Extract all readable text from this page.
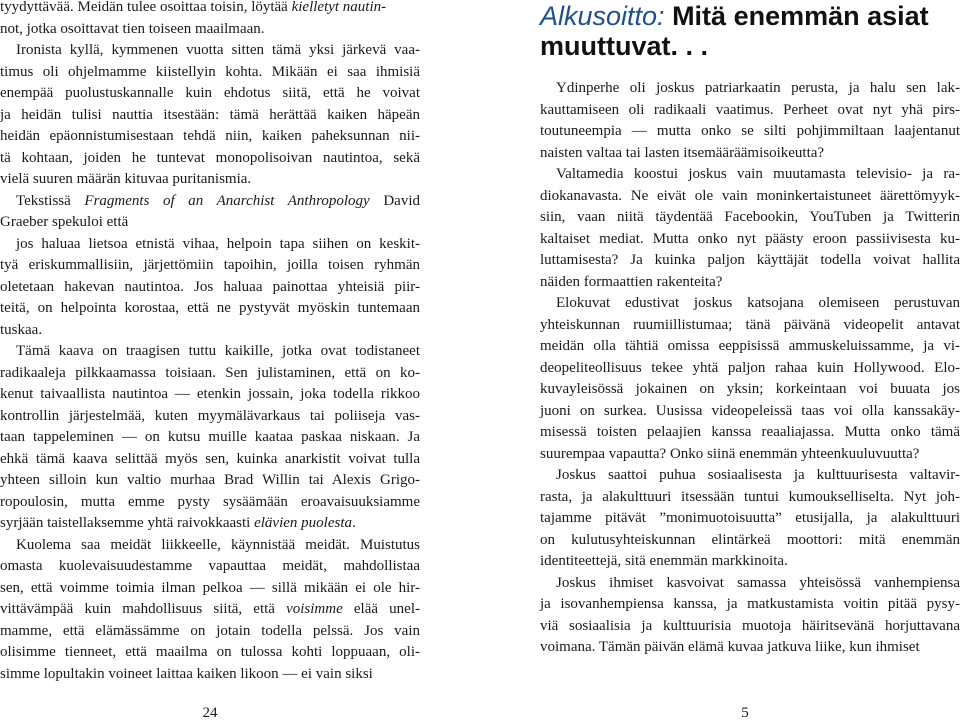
tyydyttävää. Meidän tulee osoittaa toisin, löytää kielletyt nautin-
not, jotka osoittavat tien toiseen maailmaan.
Ironista kyllä, kymmenen vuotta sitten tämä yksi järkevä vaa-
timus oli ohjelmamme kiistellyin kohta. Mikään ei saa ihmisiä
enempää puolustuskannalle kuin ehdotus siitä, että he voivat
ja heidän tulisi nauttia itsestään: tämä herättää kaiken häpeän
heidän epäonnistumisestaan tehdä niin, kaiken paheksunnan nii-
tä kohtaan, joiden he tuntevat monopolisoivan nautintoa, sekä
vielä suuren määrän kituvaa puritanismia.
Tekstissä Fragments of an Anarchist Anthropology David
Graeber spekuloi että
jos haluaa lietsoa etnistä vihaa, helpoin tapa siihen on keskit-
tyä eriskummallisiin, järjettömiin tapoihin, joilla toisen ryhmän
oletetaan hakevan nautintoa. Jos haluaa painottaa yhteisiä piir-
teitä, on helpointa korostaa, että ne pystyvät myöskin tuntemaan
tuskaa.
Tämä kaava on traagisen tuttu kaikille, jotka ovat todistaneet
radikaaleja pilkkaamassa toisiaan. Sen julistaminen, että on ko-
kenut taivaallista nautintoa — etenkin jossain, joka todella rikkoo
kontrollin järjestelmää, kuten myymälävarkaus tai poliiseja vas-
taan tappeleminen — on kutsu muille kaataa paskaa niskaan. Ja
ehkä tämä kaava selittää myös sen, kuinka anarkistit voivat tulla
yhteen silloin kun valtio murhaa Brad Willin tai Alexis Grigo-
ropoulosin, mutta emme pysty sysäämään eroavaisuuksiamme
syrjään taistellaksemme yhtä raivokkaasti elävien puolesta.
Kuolema saa meidät liikkeelle, käynnistää meidät. Muistutus
omasta kuolevaisuudestamme vapauttaa meidät, mahdollistaa
sen, että voimme toimia ilman pelkoa — sillä mikään ei ole hir-
vittävämpää kuin mahdollisuus siitä, että voisimme elää unel-
mamme, että elämässämme on jotain todella pelssä. Jos vain
olisimme tienneet, että maailma on tulossa kohti loppuaan, oli-
simme lopultakin voineet laittaa kaiken likoon — ei vain siksi
Alkusoitto: Mitä enemmän asiat
muuttuvat. . .
Ydinperhe oli joskus patriarkaatin perusta, ja halu sen lak-
kauttamiseen oli radikaali vaatimus. Perheet ovat nyt yhä pirs-
toutuneempia — mutta onko se silti pohjimmiltaan laajentanut
naisten valtaa tai lasten itsemääräämisoikeutta?
Valtamedia koostui joskus vain muutamasta televisio- ja ra-
diokanavasta. Ne eivät ole vain moninkertaistuneet äärettömyyk-
siin, vaan niitä täydentää Facebookin, YouTuben ja Twitterin
kaltaiset mediat. Mutta onko nyt päästy eroon passiivisesta ku-
luttamisesta? Ja kuinka paljon käyttäjät todella voivat hallita
näiden formaattien rakenteita?
Elokuvat edustivat joskus katsojana olemiseen perustuvan
yhteiskunnan ruumiillistumaa; tänä päivänä videopelit antavat
meidän olla tähtiä omissa eeppisissä ammuskeluissamme, ja vi-
deopeliteollisuus tekee yhtä paljon rahaa kuin Hollywood. Elo-
kuvayleisössä jokainen on yksin; korkeintaan voi buuata jos
juoni on surkea. Uusissa videopeleissä taas voi olla kanssakäy-
misessä toisten pelaajien kanssa reaaliajassa. Mutta onko tämä
suurempaa vapautta? Onko siinä enemmän yhteenkuuluvuutta?
Joskus saattoi puhua sosiaalisesta ja kulttuurisesta valtavir-
rasta, ja alakulttuuri itsessään tuntui kumoukselliselta. Nyt joh-
tajamme pitävät ”monimuotoisuutta” etusijalla, ja alakulttuuri
on kulutusyhteiskunnan elintärkeä moottori: mitä enemmän
identiteettejä, sitä enemmän markkinoita.
Joskus ihmiset kasvoivat samassa yhteisössä vanhempiensa
ja isovanhempiensa kanssa, ja matkustamista voitin pitää pysy-
viä sosiaalisia ja kulttuurisia muotoja häiritsevänä horjuttavana
voimana. Tämän päivän elämä kuvaa jatkuva liike, kun ihmiset
24	5
